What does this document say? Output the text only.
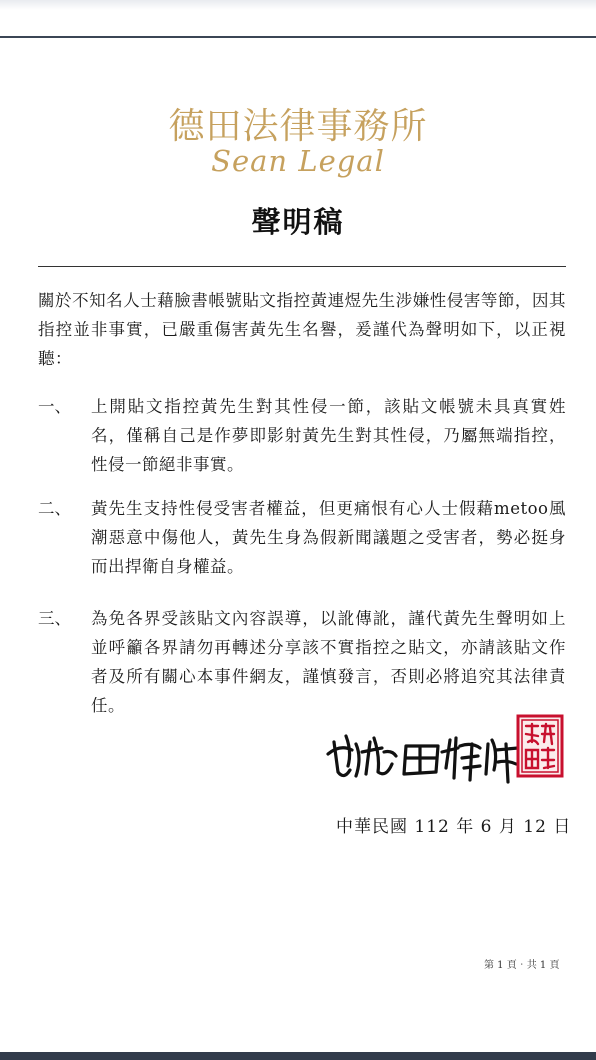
德田法律事務所
Sean Legal
聲明稿
關於不知名人士藉臉書帳號貼文指控黃連煜先生涉嫌性侵害等節，因其指控並非事實，已嚴重傷害黃先生名譽，爰謹代為聲明如下，以正視聽：
一、	上開貼文指控黃先生對其性侵一節，該貼文帳號未具真實姓名，僅稱自己是作夢即影射黃先生對其性侵，乃屬無端指控，性侵一節絕非事實。
二、	黃先生支持性侵受害者權益，但更痛恨有心人士假藉metoo風潮惡意中傷他人，黃先生身為假新聞議題之受害者，勢必挺身而出捍衛自身權益。
三、	為免各界受該貼文內容誤導，以訛傳訛，謹代黃先生聲明如上並呼籲各界請勿再轉述分享該不實指控之貼文，亦請該貼文作者及所有關心本事件網友，謹慎發言，否則必將追究其法律責任。
中華民國 112 年 6 月 12 日
第 1 頁‧共 1 頁
